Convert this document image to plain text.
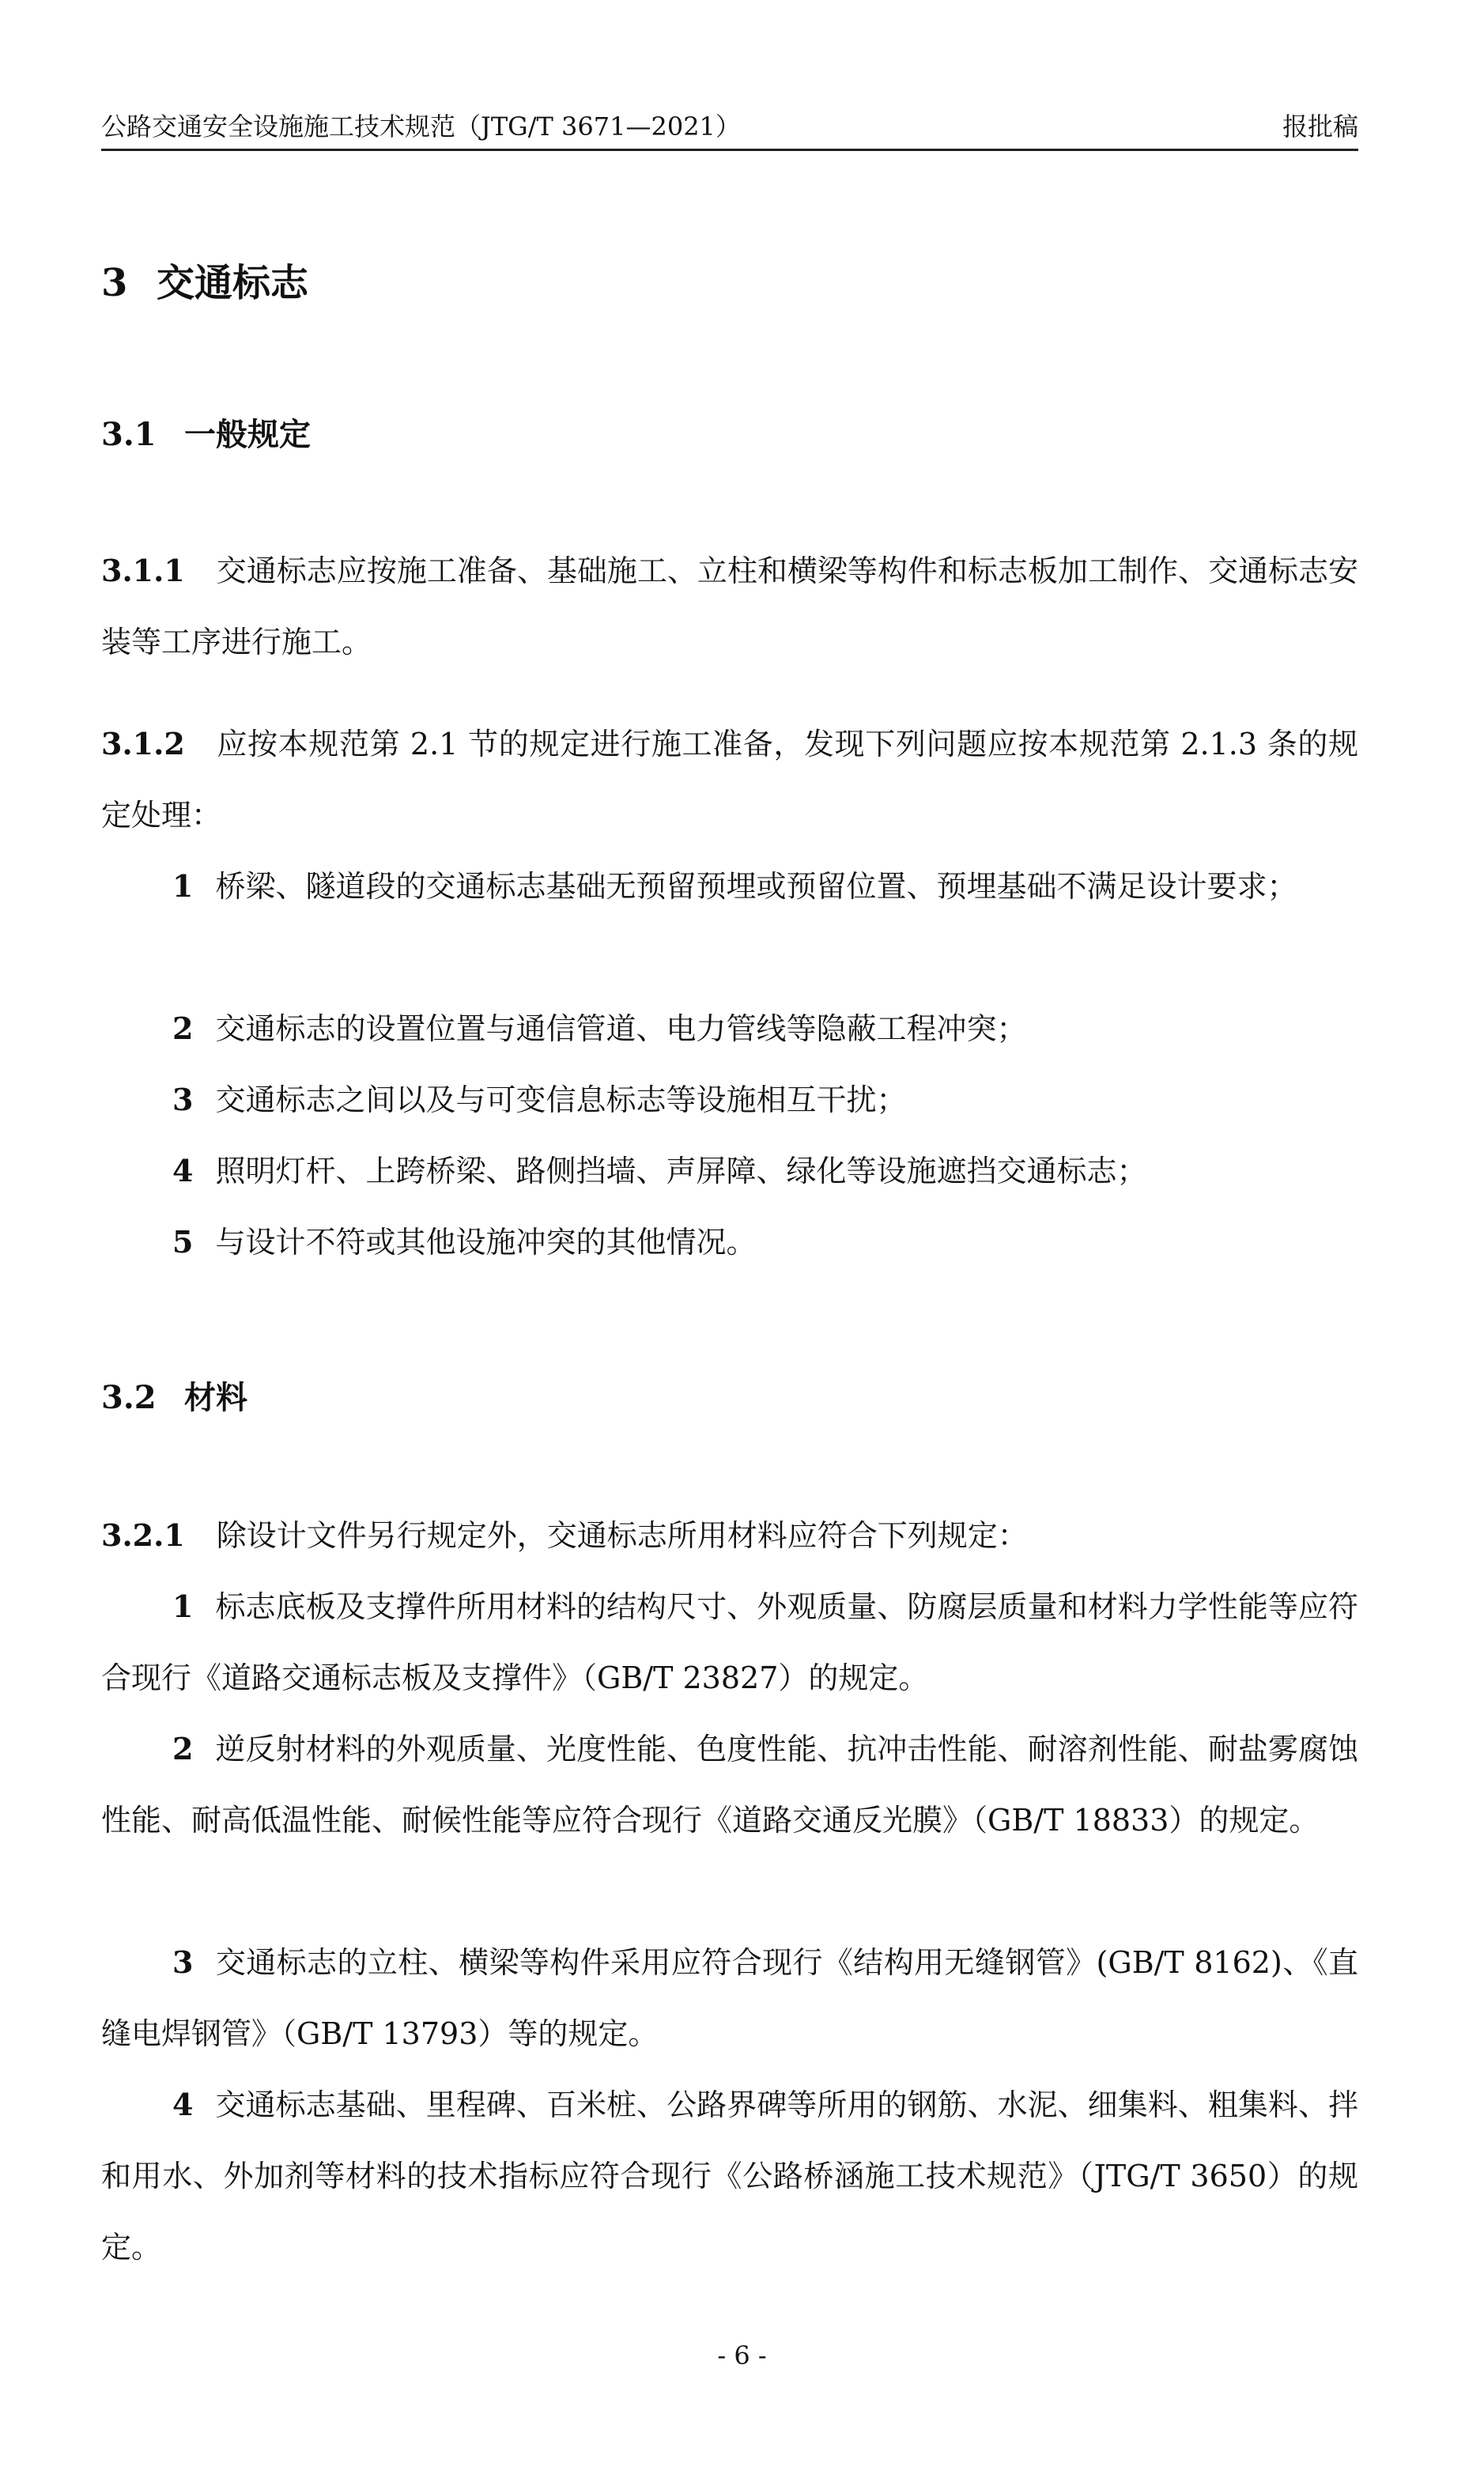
公路交通安全设施施工技术规范（JTG/T 3671—2021）	报批稿
3 交通标志
3.1 一般规定
3.1.1 交通标志应按施工准备、基础施工、立柱和横梁等构件和标志板加工制作、交通标志安装等工序进行施工。
3.1.2 应按本规范第 2.1 节的规定进行施工准备，发现下列问题应按本规范第 2.1.3 条的规定处理：
1 桥梁、隧道段的交通标志基础无预留预埋或预留位置、预埋基础不满足设计要求；
2 交通标志的设置位置与通信管道、电力管线等隐蔽工程冲突；
3 交通标志之间以及与可变信息标志等设施相互干扰；
4 照明灯杆、上跨桥梁、路侧挡墙、声屏障、绿化等设施遮挡交通标志；
5 与设计不符或其他设施冲突的其他情况。
3.2 材料
3.2.1 除设计文件另行规定外，交通标志所用材料应符合下列规定：
1 标志底板及支撑件所用材料的结构尺寸、外观质量、防腐层质量和材料力学性能等应符合现行《道路交通标志板及支撑件》（GB/T 23827）的规定。
2 逆反射材料的外观质量、光度性能、色度性能、抗冲击性能、耐溶剂性能、耐盐雾腐蚀性能、耐高低温性能、耐候性能等应符合现行《道路交通反光膜》（GB/T 18833）的规定。
3 交通标志的立柱、横梁等构件采用应符合现行《结构用无缝钢管》(GB/T 8162)、《直缝电焊钢管》（GB/T 13793）等的规定。
4 交通标志基础、里程碑、百米桩、公路界碑等所用的钢筋、水泥、细集料、粗集料、拌和用水、外加剂等材料的技术指标应符合现行《公路桥涵施工技术规范》（JTG/T 3650）的规定。
- 6 -
